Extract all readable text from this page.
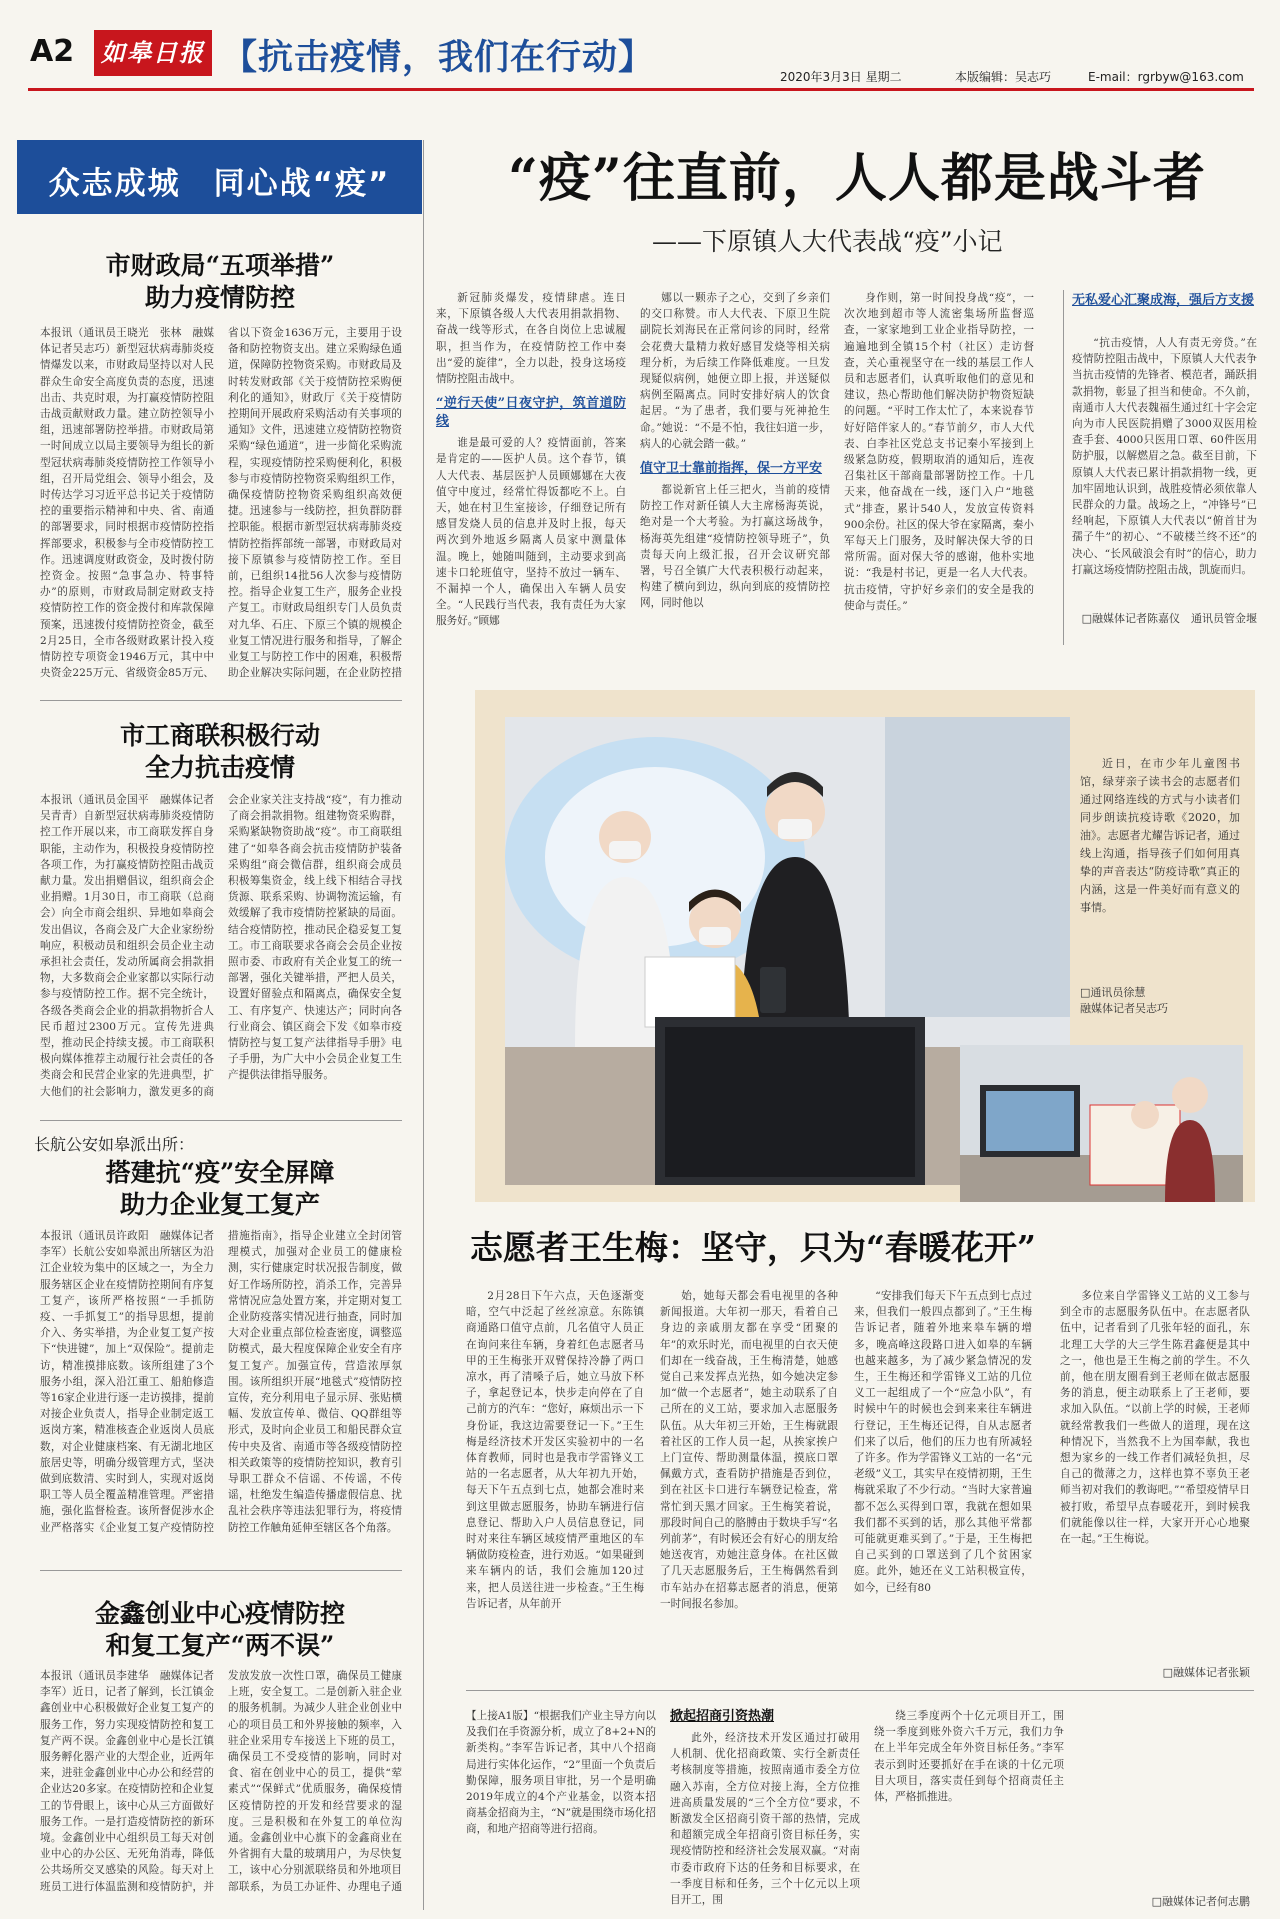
A2 如皋日报 【抗击疫情，我们在行动】	2020年3月3日 星期二	本版编辑：吴志巧	E-mail：rgrbyw@163.com
众志成城　同心战“疫”
市财政局“五项举措”
助力疫情防控
本报讯（通讯员王晓光　张林　融媒体记者吴志巧）新型冠状病毒肺炎疫情爆发以来，市财政局坚持以对人民群众生命安全高度负责的态度，迅速出击、共克时艰，为打赢疫情防控阻击战贡献财政力量。建立防控领导小组，迅速部署防控举措。市财政局第一时间成立以局主要领导为组长的新型冠状病毒肺炎疫情防控工作领导小组，召开局党组会、领导小组会，及时传达学习习近平总书记关于疫情防控的重要指示精神和中央、省、南通的部署要求，同时根据市疫情防控指挥部要求，积极参与全市疫情防控工作。迅速调度财政资金，及时拨付防控资金。按照“急事急办、特事特办”的原则，市财政局制定财政支持疫情防控工作的资金拨付和库款保障预案，迅速拨付疫情防控资金，截至2月25日，全市各级财政累计投入疫情防控专项资金1946万元，其中中央资金225万元、省级资金85万元、省以下资金1636万元，主要用于设备和防控物资支出。建立采购绿色通道，保障防控物资采购。市财政局及时转发财政部《关于疫情防控采购便利化的通知》，财政厅《关于疫情防控期间开展政府采购活动有关事项的通知》文件，迅速建立疫情防控物资采购“绿色通道”，进一步简化采购流程，实现疫情防控采购便利化，积极参与市疫情防控物资采购组织工作，确保疫情防控物资采购组织高效便捷。迅速参与一线防控，担负群防群控职能。根据市新型冠状病毒肺炎疫情防控指挥部统一部署，市财政局对接下原镇参与疫情防控工作。至目前，已组织14批56人次参与疫情防控。指导企业复工生产，服务企业投产复工。市财政局组织专门人员负责对九华、石庄、下原三个镇的规模企业复工情况进行服务和指导，了解企业复工与防控工作中的困难，积极帮助企业解决实际问题，在企业防控措
市工商联积极行动
全力抗击疫情
本报讯（通讯员金国平　融媒体记者吴青青）自新型冠状病毒肺炎疫情防控工作开展以来，市工商联发挥自身职能，主动作为，积极投身疫情防控各项工作，为打赢疫情防控阻击战贡献力量。发出捐赠倡议，组织商会企业捐赠。1月30日，市工商联（总商会）向全市商会组织、异地如皋商会发出倡议，各商会及广大企业家纷纷响应，积极动员和组织会员企业主动承担社会责任，发动所属商会捐款捐物，大多数商会企业家都以实际行动参与疫情防控工作。据不完全统计，各级各类商会企业的捐款捐物折合人民币超过2300万元。宣传先进典型，推动民企持续支援。市工商联积极向媒体推荐主动履行社会责任的各类商会和民营企业家的先进典型，扩大他们的社会影响力，激发更多的商会企业家关注支持战“疫”，有力推动了商会捐款捐物。组建物资采购群，采购紧缺物资助战“疫”。市工商联组建了“如皋各商会抗击疫情防护装备采购组”商会微信群，组织商会成员积极筹集资金，线上线下相结合寻找货源、联系采购、协调物流运输，有效缓解了我市疫情防控紧缺的局面。结合疫情防控，推动民企稳妥复工复工。市工商联要求各商会会员企业按照市委、市政府有关企业复工的统一部署，强化关键举措，严把人员关，设置好留验点和隔离点，确保安全复工、有序复产、快速达产；同时向各行业商会、镇区商会下发《如皋市疫情防控与复工复产法律指导手册》电子手册，为广大中小会员企业复工生产提供法律指导服务。
长航公安如皋派出所：
搭建抗“疫”安全屏障
助力企业复工复产
本报讯（通讯员许政阳　融媒体记者李军）长航公安如皋派出所辖区为沿江企业较为集中的区域之一，为全力服务辖区企业在疫情防控期间有序复工复产，该所严格按照“一手抓防疫、一手抓复工”的指导思想，提前介入、务实举措，为企业复工复产按下“快进键”，加上“双保险”。提前走访，精准摸排底数。该所组建了3个服务小组，深入沿江重工、船舶修造等16家企业进行逐一走访摸排，提前对接企业负责人，指导企业制定返工返岗方案，精准核查企业返岗人员底数，对企业健康档案、有无湖北地区旅居史等，明确分级管理方式，坚决做到底数清、实时到人，实现对返岗职工等人员全覆盖精准管理。严密措施，强化监督检查。该所督促涉水企业严格落实《企业复工复产疫情防控措施指南》，指导企业建立全封闭管理模式，加强对企业员工的健康检测，实行健康定时状况报告制度，做好工作场所防控，消杀工作，完善异常情况应急处置方案，并定期对复工企业防疫落实情况进行抽查，同时加大对企业重点部位检查密度，调整巡防模式，最大程度保障企业安全有序复工复产。加强宣传，营造浓厚氛围。该所组织开展“地毯式”疫情防控宣传，充分利用电子显示屏、张贴横幅、发放宣传单、微信、QQ群组等形式，及时向企业员工和船民群众宣传中央及省、南通市等各级疫情防控相关政策等的疫情防控知识，教育引导职工群众不信谣、不传谣，不传谣，杜绝发生编造传播虚假信息、扰乱社会秩序等违法犯罪行为，将疫情防控工作触角延伸至辖区各个角落。
金鑫创业中心疫情防控
和复工复产“两不误”
本报讯（通讯员李建华　融媒体记者李军）近日，记者了解到，长江镇金鑫创业中心积极做好企业复工复产的服务工作，努力实现疫情防控和复工复产两不误。金鑫创业中心是长江镇服务孵化器产业的大型企业，近两年来，进驻金鑫创业中心办公和经营的企业达20多家。在疫情防控和企业复工的节骨眼上，该中心从三方面做好服务工作。一是打造疫情防控的新环境。金鑫创业中心组织员工每天对创业中心的办公区、无死角消毒，降低公共场所交叉感染的风险。每天对上班员工进行体温监测和疫情防护，并发放发放一次性口罩，确保员工健康上班，安全复工。二是创新入驻企业的服务机制。为减少人驻企业创业中心的项目员工和外界接触的频率，入驻企业采用专车接送上下班的员工，确保员工不受疫情的影响，同时对食、宿在创业中心的员工，提供“荤素式”“保鲜式”优质服务，确保疫情区疫情防控的开发和经营要求的湿度。三是积极和在外复工的单位沟通。金鑫创业中心旗下的金鑫商业在外省拥有大量的玻璃用户，为尽快复工，该中心分别派联络员和外地项目部联系，为员工办证件、办理电子通
“疫”往直前，人人都是战斗者
——下原镇人大代表战“疫”小记

新冠肺炎爆发，疫情肆虐。连日来，下原镇各级人大代表用捐款捐物、奋战一线等形式，在各自岗位上忠诚履职，担当作为，在疫情防控工作中奏出“爱的旋律”，全力以赴，投身这场疫情防控阻击战中。

“逆行天使”日夜守护，筑首道防线

谁是最可爱的人？疫情面前，答案是肯定的——医护人员。这个春节，镇人大代表、基层医护人员顾娜娜在大夜值守中度过，经常忙得饭都吃不上。白天，她在村卫生室接诊，仔细登记所有感冒发烧人员的信息并及时上报，每天两次到外地返乡隔离人员家中测量体温。晚上，她随叫随到，主动要求到高速卡口轮班值守，坚持不放过一辆车、不漏掉一个人，确保出入车辆人员安全。“人民践行当代表，我有责任为大家服务好。”顾娜

娜以一颗赤子之心，交到了乡亲们的交口称赞。市人大代表、下原卫生院副院长刘海民在正常问诊的同时，经常会花费大量精力救好感冒发烧等相关病理分析，为后续工作降低难度。一旦发现疑似病例，她便立即上报，并送疑似病例至隔离点。同时安排好病人的饮食起居。“为了患者，我们要与死神抢生命。”她说：“不是不怕，我往妇道一步，病人的心就会踏一截。”

值守卫士靠前指挥，保一方平安

都说新官上任三把火，当前的疫情防控工作对新任镇人大主席杨海英说，绝对是一个大考验。为打赢这场战争，杨海英先组建“疫情防控领导班子”，负责每天向上级汇报，召开会议研究部署，号召全镇广大代表积极行动起来，构建了横向到边，纵向到底的疫情防控网，同时他以

身作则，第一时间投身战“疫”，一次次地到超市等人流密集场所监督巡查，一家家地到工业企业指导防控，一遍遍地到全镇15个村（社区）走访督查，关心重视坚守在一线的基层工作人员和志愿者们，认真听取他们的意见和建议，热心帮助他们解决防护物资短缺的问题。“平时工作太忙了，本来说春节好好陪伴家人的。”春节前夕，市人大代表、白李社区党总支书记秦小军接到上级紧急防疫，假期取消的通知后，连夜召集社区干部商量部署防控工作。十几天来，他奋战在一线，逐门入户“地毯式”排查，累计540人，发放宣传资料900余份。社区的保大爷在家隔离，秦小军每天上门服务，及时解决保大爷的日常所需。面对保大爷的感谢，他朴实地说：“我是村书记，更是一名人大代表。抗击疫情，守护好乡亲们的安全是我的使命与责任。”

无私爱心汇聚成海，强后方支援

“抗击疫情，人人有责无旁贷。”在疫情防控阻击战中，下原镇人大代表争当抗击疫情的先锋者、模范者，踊跃捐款捐物，彰显了担当和使命。不久前，南通市人大代表魏福生通过红十字会定向为市人民医院捐赠了3000双医用检查手套、4000只医用口罩、60件医用防护服，以解燃眉之急。截至目前，下原镇人大代表已累计捐款捐物一线，更加牢固地认识到，战胜疫情必须依靠人民群众的力量。战场之上，“冲锋号”已经响起，下原镇人大代表以“俯首甘为孺子牛”的初心、“不破楼兰终不还”的决心、“长风破浪会有时”的信心，助力打赢这场疫情防控阻击战，凯旋而归。

□融媒体记者陈嘉仪　通讯员管金堰
近日，在市少年儿童图书馆，绿芽亲子读书会的志愿者们通过网络连线的方式与小读者们同步朗读抗疫诗歌《2020，加油》。志愿者尤耀告诉记者，通过线上沟通，指导孩子们如何用真挚的声音表达“防疫诗歌”真正的内涵，这是一件美好而有意义的事情。
□通讯员徐慧
融媒体记者吴志巧
志愿者王生梅：坚守，只为“春暖花开”
2月28日下午六点，天色逐渐变暗，空气中泛起了丝丝凉意。东陈镇商通路口值守点前，几名值守人员正在询问来往车辆，身着红色志愿者马甲的王生梅张开双臂保持冷静了两口凉水，再了清嗓子后，她立马放下杯子，拿起登记本，快步走向停在了自己前方的汽车：“您好，麻烦出示一下身份证，我这边需要登记一下。”王生梅是经济技术开发区实验初中的一名体育教师，同时也是我市学雷锋义工站的一名志愿者，从大年初九开始，每天下午五点到七点，她都会准时来到这里做志愿服务，协助车辆进行信息登记、帮助入户人员信息登记，同时对来往车辆区域疫情严重地区的车辆做防疫检查，进行劝返。“如果碰到来车辆内的话，我们会施加120过来，把人员送往进一步检查。”王生梅告诉记者，从年前开
始，她每天都会看电视里的各种新闻报道。大年初一那天，看着自己身边的亲戚朋友都在享受“团聚的年”的欢乐时光，而电视里的白衣天使们却在一线奋战，王生梅清楚，她感觉自己来发挥点光热，如今她决定参加“做一个志愿者”，她主动联系了自己所在的义工站，要求加入志愿服务队伍。从大年初三开始，王生梅就跟着社区的工作人员一起，从挨家挨户上门宣传、帮助测量体温，摸底口罩佩戴方式，查看防护措施是否到位，到在社区卡口进行车辆登记检查，常常忙到天黑才回家。王生梅笑着说，那段时间自己的胳膊由于数块手写“名列前茅”，有时候还会有好心的朋友给她送夜宵，劝她注意身体。在社区做了几天志愿服务后，王生梅偶然看到市车站办在招募志愿者的消息，便第一时间报名参加。
“安排我们每天下午五点到七点过来，但我们一般四点都到了。”王生梅告诉记者，随着外地来皋车辆的增多，晚高峰这段路口进入如皋的车辆也越来越多，为了减少紧急情况的发生，王生梅还和学雷锋义工站的几位义工一起组成了一个“应急小队”，有时候中午的时候也会到来来往车辆进行登记，王生梅还记得，自从志愿者们来了以后，他们的压力也有所减轻了许多。作为学雷锋义工站的一名“元老级”义工，其实早在疫情初期，王生梅就采取了不少行动。“当时大家普遍都不怎么买得到口罩，我就在想如果我们都不买到的话，那么其他平常都可能就更难买到了。”于是，王生梅把自己买到的口罩送到了几个贫困家庭。此外，她还在义工站积极宣传，如今，已经有80
多位来自学雷锋义工站的义工参与到全市的志愿服务队伍中。在志愿者队伍中，记者看到了几张年轻的面孔，东北理工大学的大三学生陈君鑫便是其中之一，他也是王生梅之前的学生。不久前，他在朋友圈看到王老师在做志愿服务的消息，便主动联系上了王老师，要求加入队伍。“以前上学的时候，王老师就经常教我们一些做人的道理，现在这种情况下，当然我不上为国奉献，我也想为家乡的一线工作者们减轻负担，尽自己的微薄之力，这样也算不辜负王老师当初对我们的教诲吧。”“希望疫情早日被打败，希望早点春暖花开，到时候我们就能像以往一样，大家开开心心地聚在一起。”王生梅说。
□融媒体记者张颖

【上接A1版】“根据我们产业主导方向以及我们在手资源分析，成立了8+2+N的新类构。”李军告诉记者，其中八个招商局进行实体化运作，“2”里面一个负责后勤保障，服务项目审批，另一个是明确2019年成立的4个产业基金，以资本招商基金招商为主，“N”就是围绕市场化招商，和地产招商等进行招商。

掀起招商引资热潮

此外，经济技术开发区通过打破用人机制、优化招商政策、实行全新责任考核制度等措施，按照南通市委全方位融入苏南，全方位对接上海，全方位推进高质量发展的“三个全方位”要求，不断激发全区招商引资干部的热情，完成和超额完成全年招商引资目标任务，实现疫情防控和经济社会发展双赢。“对南市委市政府下达的任务和目标要求，在一季度目标和任务，三个十亿元以上项目开工，围

绕三季度两个十亿元项目开工，围绕一季度到账外资六千万元，我们力争在上半年完成全年外资目标任务。”李军表示到时还要抓好在手在谈的十亿元项目大项目，落实责任到每个招商责任主体，严格抓推进。

□融媒体记者何志鹏
